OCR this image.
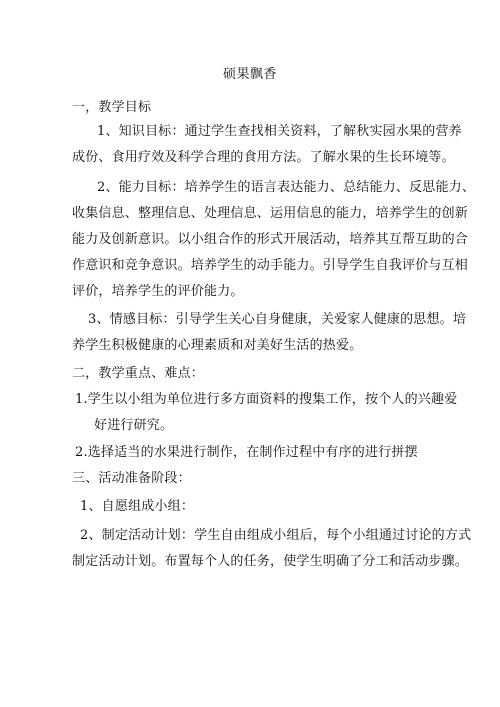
硕果飘香
一，教学目标
1、知识目标：通过学生查找相关资料，了解秋实园水果的营养
成份、食用疗效及科学合理的食用方法。了解水果的生长环境等。
2、能力目标：培养学生的语言表达能力、总结能力、反思能力、
收集信息、整理信息、处理信息、运用信息的能力，培养学生的创新
能力及创新意识。以小组合作的形式开展活动，培养其互帮互助的合
作意识和竞争意识。培养学生的动手能力。引导学生自我评价与互相
评价，培养学生的评价能力。
3、情感目标：引导学生关心自身健康，关爱家人健康的思想。培
养学生积极健康的心理素质和对美好生活的热爱。
二，教学重点、难点：
1.学生以小组为单位进行多方面资料的搜集工作，按个人的兴趣爱
好进行研究。
2.选择适当的水果进行制作，在制作过程中有序的进行拼摆
三、活动准备阶段：
1、自愿组成小组：
2、制定活动计划：学生自由组成小组后，每个小组通过讨论的方式
制定活动计划。布置每个人的任务，使学生明确了分工和活动步骤。
